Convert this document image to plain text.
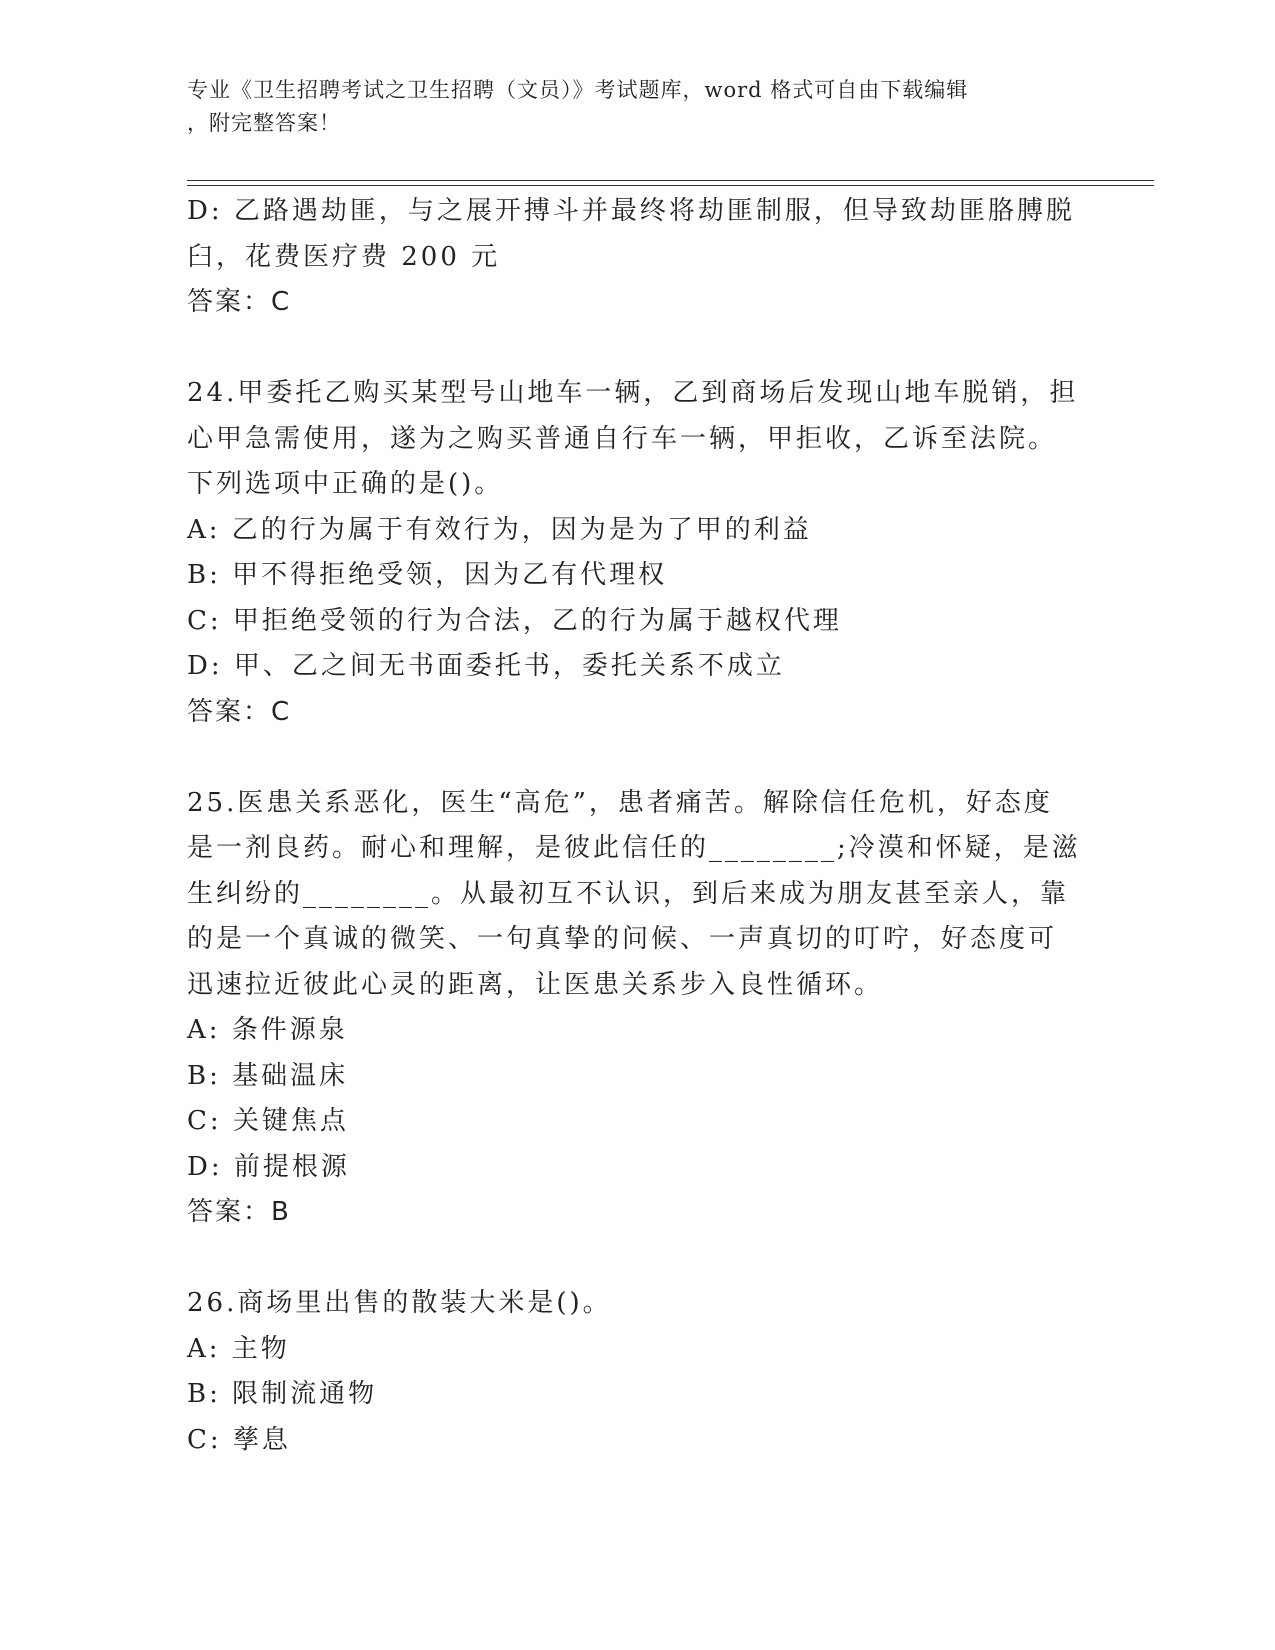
专业《卫生招聘考试之卫生招聘（文员）》考试题库，word 格式可自由下载编辑
，附完整答案！
D: 乙路遇劫匪，与之展开搏斗并最终将劫匪制服，但导致劫匪胳膊脱
臼，花费医疗费 200 元
答案：C
24.甲委托乙购买某型号山地车一辆，乙到商场后发现山地车脱销，担
心甲急需使用，遂为之购买普通自行车一辆，甲拒收，乙诉至法院。
下列选项中正确的是()。
A: 乙的行为属于有效行为，因为是为了甲的利益
B: 甲不得拒绝受领，因为乙有代理权
C: 甲拒绝受领的行为合法，乙的行为属于越权代理
D: 甲、乙之间无书面委托书，委托关系不成立
答案：C
25.医患关系恶化，医生“高危”，患者痛苦。解除信任危机，好态度
是一剂良药。耐心和理解，是彼此信任的________;冷漠和怀疑，是滋
生纠纷的________。从最初互不认识，到后来成为朋友甚至亲人，靠
的是一个真诚的微笑、一句真挚的问候、一声真切的叮咛，好态度可
迅速拉近彼此心灵的距离，让医患关系步入良性循环。
A: 条件源泉
B: 基础温床
C: 关键焦点
D: 前提根源
答案：B
26.商场里出售的散装大米是()。
A: 主物
B: 限制流通物
C: 孳息
